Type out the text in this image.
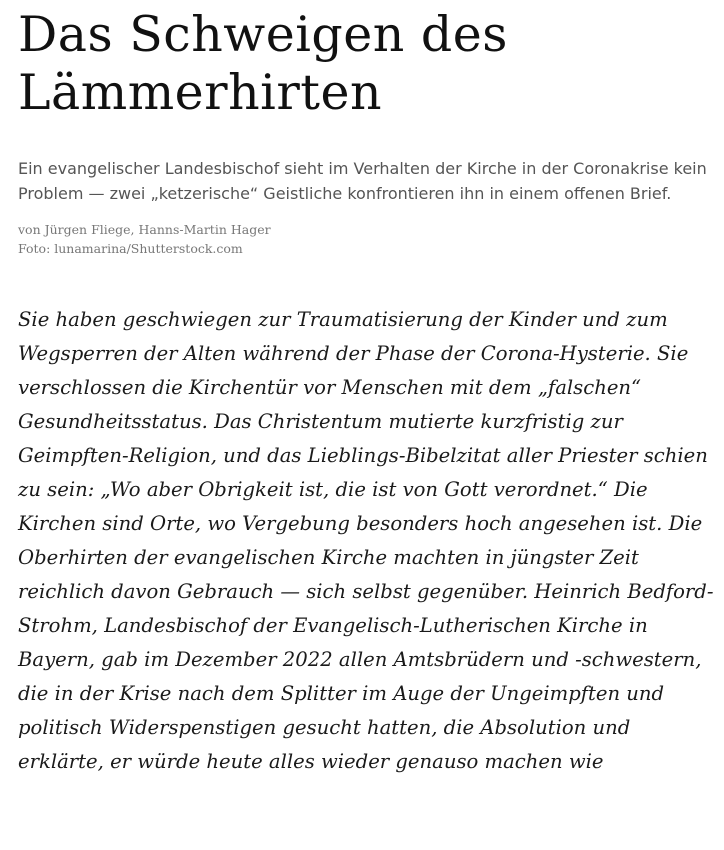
Das Schweigen des Lämmerhirten

Ein evangelischer Landesbischof sieht im Verhalten der Kirche in der Coronakrise kein Problem — zwei „ketzerische“ Geistliche konfrontieren ihn in einem offenen Brief.

von Jürgen Fliege, Hanns-Martin Hager
Foto: lunamarina/Shutterstock.com

Sie haben geschwiegen zur Traumatisierung der Kinder und zum Wegsperren der Alten während der Phase der Corona-Hysterie. Sie verschlossen die Kirchentür vor Menschen mit dem „falschen“ Gesundheitsstatus. Das Christentum mutierte kurzfristig zur Geimpften-Religion, und das Lieblings-Bibelzitat aller Priester schien zu sein: „Wo aber Obrigkeit ist, die ist von Gott verordnet.“ Die Kirchen sind Orte, wo Vergebung besonders hoch angesehen ist. Die Oberhirten der evangelischen Kirche machten in jüngster Zeit reichlich davon Gebrauch — sich selbst gegenüber. Heinrich Bedford-Strohm, Landesbischof der Evangelisch-Lutherischen Kirche in Bayern, gab im Dezember 2022 allen Amtsbrüdern und -schwestern, die in der Krise nach dem Splitter im Auge der Ungeimpften und politisch Widerspenstigen gesucht hatten, die Absolution und erklärte, er würde heute alles wieder genauso machen wie
